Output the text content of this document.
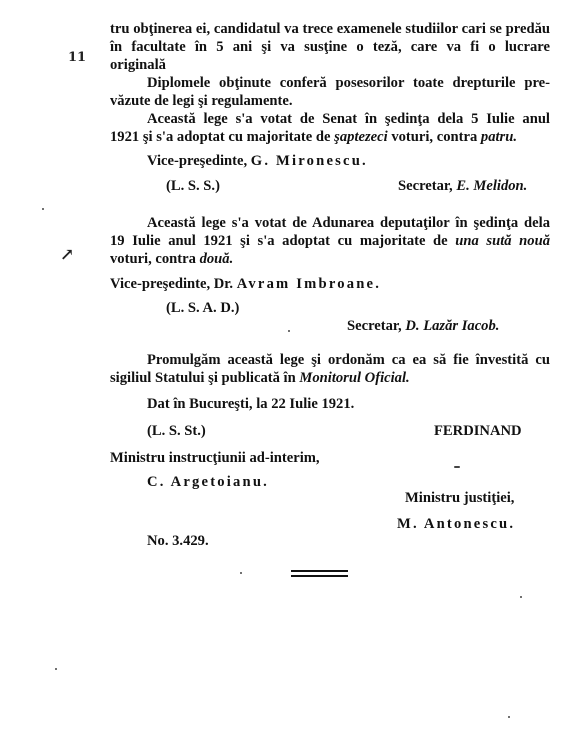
11
↗
tru obţinerea ei, candidatul va trece examenele studiilor cari se predău
în facultate în 5 ani şi va susţine o teză, care va fi o lucrare
originală
Diplomele obţinute conferă posesorilor toate drepturile pre-
văzute de legi şi regulamente.
Această lege s'a votat de Senat în şedinţa dela 5 Iulie anul
1921 şi s'a adoptat cu majoritate de şaptezeci voturi, contra patru.
Vice-preşedinte, G. Mironescu.
(L. S. S.)	Secretar, E. Melidon.
Această lege s'a votat de Adunarea deputaţilor în şedinţa dela
19 Iulie anul 1921 şi s'a adoptat cu majoritate de una sută nouă
voturi, contra două.
Vice-preşedinte, Dr. Avram Imbroane.
(L. S. A. D.)
Secretar, D. Lazăr Iacob.
Promulgăm această lege şi ordonăm ca ea să fie învestită cu
sigiliul Statului şi publicată în Monitorul Oficial.
Dat în Bucureşti, la 22 Iulie 1921.
(L. S. St.)	FERDINAND
Ministru instrucţiunii ad-interim,
C. Argetoianu.
Ministru justiţiei,
M. Antonescu.
No. 3.429.
